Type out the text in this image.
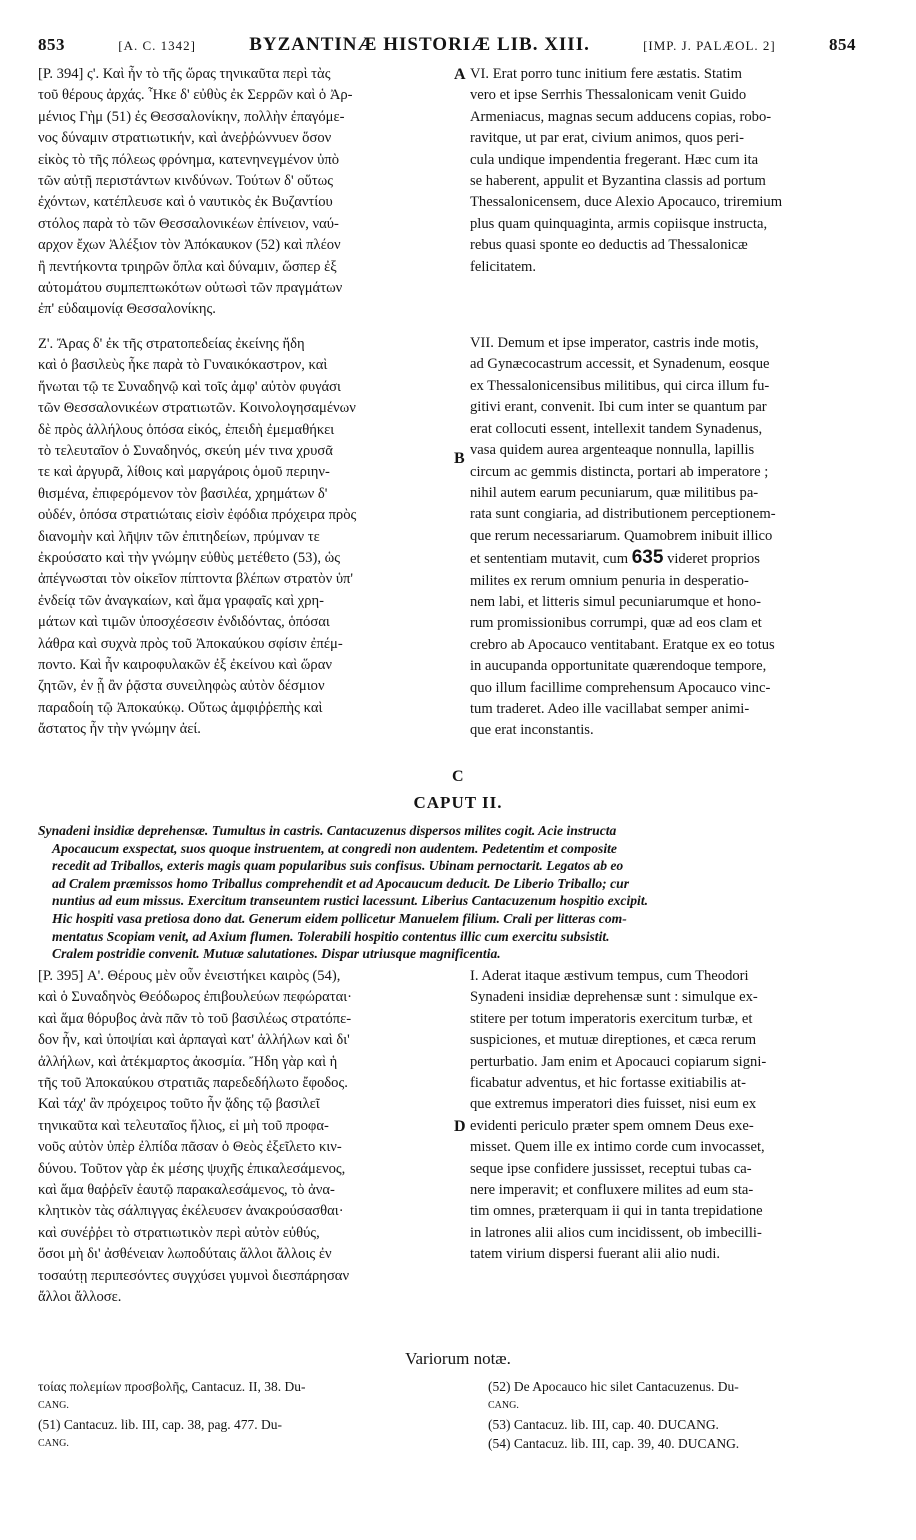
853	[A. C. 1342]	BYZANTINÆ HISTORIÆ LIB. XIII.	[IMP. J. PALÆOL. 2]	854
A
B
C
D

[P. 394] ς'. Καὶ ἦν τὸ τῆς ὥρας τηνικαῦτα περὶ τὰς

τοῦ θέρους ἀρχάς. Ἧκε δ' εὐθὺς ἐκ Σερρῶν καὶ ὁ Ἀρ-

μένιος Γὴμ (51) ἐς Θεσσαλονίκην, πολλὴν ἐπαγόμε-

νος δύναμιν στρατιωτικήν, καὶ ἀνεῤῥώννυεν ὅσον

εἰκὸς τὸ τῆς πόλεως φρόνημα, κατενηνεγμένον ὑπὸ

τῶν αὐτῇ περιστάντων κινδύνων. Τούτων δ' οὕτως

ἐχόντων, κατέπλευσε καὶ ὁ ναυτικὸς ἐκ Βυζαντίου

στόλος παρὰ τὸ τῶν Θεσσαλονικέων ἐπίνειον, ναύ-

αρχον ἔχων Ἀλέξιον τὸν Ἀπόκαυκον (52) καὶ πλέον

ἢ πεντήκοντα τριηρῶν ὅπλα καὶ δύναμιν, ὥσπερ ἐξ

αὐτομάτου συμπεπτωκότων οὑτωσὶ τῶν πραγμάτων

ἐπ' εὐδαιμονίᾳ Θεσσαλονίκης.

Ζ'. Ἄρας δ' ἐκ τῆς στρατοπεδείας ἐκείνης ἤδη

καὶ ὁ βασιλεὺς ἧκε παρὰ τὸ Γυναικόκαστρον, καὶ

ἥνωται τῷ τε Συναδηνῷ καὶ τοῖς ἀμφ' αὐτὸν φυγάσι

τῶν Θεσσαλονικέων στρατιωτῶν. Κοινολογησαμένων

δὲ πρὸς ἀλλήλους ὁπόσα εἰκός, ἐπειδὴ ἐμεμαθήκει

τὸ τελευταῖον ὁ Συναδηνός, σκεύη μέν τινα χρυσᾶ

τε καὶ ἀργυρᾶ, λίθοις καὶ μαργάροις ὁμοῦ περιην-

θισμένα, ἐπιφερόμενον τὸν βασιλέα, χρημάτων δ'

οὐδέν, ὁπόσα στρατιώταις εἰσὶν ἐφόδια πρόχειρα πρὸς

διανομὴν καὶ λῆψιν τῶν ἐπιτηδείων, πρύμναν τε

ἐκρούσατο καὶ τὴν γνώμην εὐθὺς μετέθετο (53), ὡς

ἀπέγνωσται τὸν οἰκεῖον πίπτοντα βλέπων στρατὸν ὑπ'

ἐνδείᾳ τῶν ἀναγκαίων, καὶ ἅμα γραφαῖς καὶ χρη-

μάτων καὶ τιμῶν ὑποσχέσεσιν ἐνδιδόντας, ὁπόσαι

λάθρα καὶ συχνὰ πρὸς τοῦ Ἀποκαύκου σφίσιν ἐπέμ-

ποντο. Καὶ ἦν καιροφυλακῶν ἐξ ἐκείνου καὶ ὥραν

ζητῶν, ἐν ᾗ ἂν ῥᾷστα συνειληφὼς αὐτὸν δέσμιον

παραδοίη τῷ Ἀποκαύκῳ. Οὕτως ἀμφιῤῥεπὴς καὶ

ἄστατος ἦν τὴν γνώμην ἀεί.

VI. Erat porro tunc initium fere æstatis. Statim

vero et ipse Serrhis Thessalonicam venit Guido

Armeniacus, magnas secum adducens copias, robo-

ravitque, ut par erat, civium animos, quos peri-

cula undique impendentia fregerant. Hæc cum ita

se haberent, appulit et Byzantina classis ad portum

Thessalonicensem, duce Alexio Apocauco, triremium

plus quam quinquaginta, armis copiisque instructa,

rebus quasi sponte eo deductis ad Thessalonicæ

felicitatem.

VII. Demum et ipse imperator, castris inde motis,

ad Gynæcocastrum accessit, et Synadenum, eosque

ex Thessalonicensibus militibus, qui circa illum fu-

gitivi erant, convenit. Ibi cum inter se quantum par

erat collocuti essent, intellexit tandem Synadenus,

vasa quidem aurea argenteaque nonnulla, lapillis

circum ac gemmis distincta, portari ab imperatore ;

nihil autem earum pecuniarum, quæ militibus pa-

rata sunt congiaria, ad distributionem perceptionem-

que rerum necessariarum. Quamobrem inibuit illico

et sententiam mutavit, cum 635 videret proprios

milites ex rerum omnium penuria in desperatio-

nem labi, et litteris simul pecuniarumque et hono-

rum promissionibus corrumpi, quæ ad eos clam et

crebro ab Apocauco ventitabant. Eratque ex eo totus

in aucupanda opportunitate quærendoque tempore,

quo illum facillime comprehensum Apocauco vinc-

tum traderet. Adeo ille vacillabat semper animi-

que erat inconstantis.

CAPUT II.

Synadeni insidiæ deprehensæ. Tumultus in castris. Cantacuzenus dispersos milites cogit. Acie instructa

Apocaucum exspectat, suos quoque instruentem, at congredi non audentem. Pedetentim et composite

recedit ad Triballos, exteris magis quam popularibus suis confisus. Ubinam pernoctarit. Legatos ab eo

ad Cralem præmissos homo Triballus comprehendit et ad Apocaucum deducit. De Liberio Triballo; cur

nuntius ad eum missus. Exercitum transeuntem rustici lacessunt. Liberius Cantacuzenum hospitio excipit.

Hic hospiti vasa pretiosa dono dat. Generum eidem pollicetur Manuelem filium. Crali per litteras com-

mentatus Scopiam venit, ad Axium flumen. Tolerabili hospitio contentus illic cum exercitu subsistit.

Cralem postridie convenit. Mutuæ salutationes. Dispar utriusque magnificentia.

[P. 395] Α'. Θέρους μὲν οὖν ἐνειστήκει καιρὸς (54),

καὶ ὁ Συναδηνὸς Θεόδωρος ἐπιβουλεύων πεφώραται·

καὶ ἅμα θόρυβος ἀνὰ πᾶν τὸ τοῦ βασιλέως στρατόπε-

δον ἦν, καὶ ὑποψίαι καὶ ἁρπαγαὶ κατ' ἀλλήλων καὶ δι'

ἀλλήλων, καὶ ἀτέκμαρτος ἀκοσμία. Ἤδη γὰρ καὶ ἡ

τῆς τοῦ Ἀποκαύκου στρατιᾶς παρεδεδήλωτο ἔφοδος.

Καὶ τάχ' ἂν πρόχειρος τοῦτο ἦν ᾅδης τῷ βασιλεῖ

τηνικαῦτα καὶ τελευταῖος ἥλιος, εἰ μὴ τοῦ προφα-

νοῦς αὐτὸν ὑπὲρ ἐλπίδα πᾶσαν ὁ Θεὸς ἐξεῖλετο κιν-

δύνου. Τοῦτον γὰρ ἐκ μέσης ψυχῆς ἐπικαλεσάμενος,

καὶ ἅμα θαῤῥεῖν ἑαυτῷ παρακαλεσάμενος, τὸ ἀνα-

κλητικὸν τὰς σάλπιγγας ἐκέλευσεν ἀνακρούσασθαι·

καὶ συνέῤῥει τὸ στρατιωτικὸν περὶ αὐτὸν εὐθύς,

ὅσοι μὴ δι' ἀσθένειαν λωποδύταις ἄλλοι ἄλλοις ἐν

τοσαύτῃ περιπεσόντες συγχύσει γυμνοὶ διεσπάρησαν

ἄλλοι ἄλλοσε.

I. Aderat itaque æstivum tempus, cum Theodori

Synadeni insidiæ deprehensæ sunt : simulque ex-

stitere per totum imperatoris exercitum turbæ, et

suspiciones, et mutuæ direptiones, et cæca rerum

perturbatio. Jam enim et Apocauci copiarum signi-

ficabatur adventus, et hic fortasse exitiabilis at-

que extremus imperatori dies fuisset, nisi eum ex

evidenti periculo præter spem omnem Deus exe-

misset. Quem ille ex intimo corde cum invocasset,

seque ipse confidere jussisset, receptui tubas ca-

nere imperavit; et confluxere milites ad eum sta-

tim omnes, præterquam ii qui in tanta trepidatione

in latrones alii alios cum incidissent, ob imbecilli-

tatem virium dispersi fuerant alii alio nudi.

Variorum notæ.

τοίας πολεμίων προσβολῆς, Cantacuz. II, 38. Du-

CANG.

(51) Cantacuz. lib. III, cap. 38, pag. 477. Du-

CANG.

(52) De Apocauco hic silet Cantacuzenus. Du-

CANG.

(53) Cantacuz. lib. III, cap. 40. DUCANG.

(54) Cantacuz. lib. III, cap. 39, 40. DUCANG.
